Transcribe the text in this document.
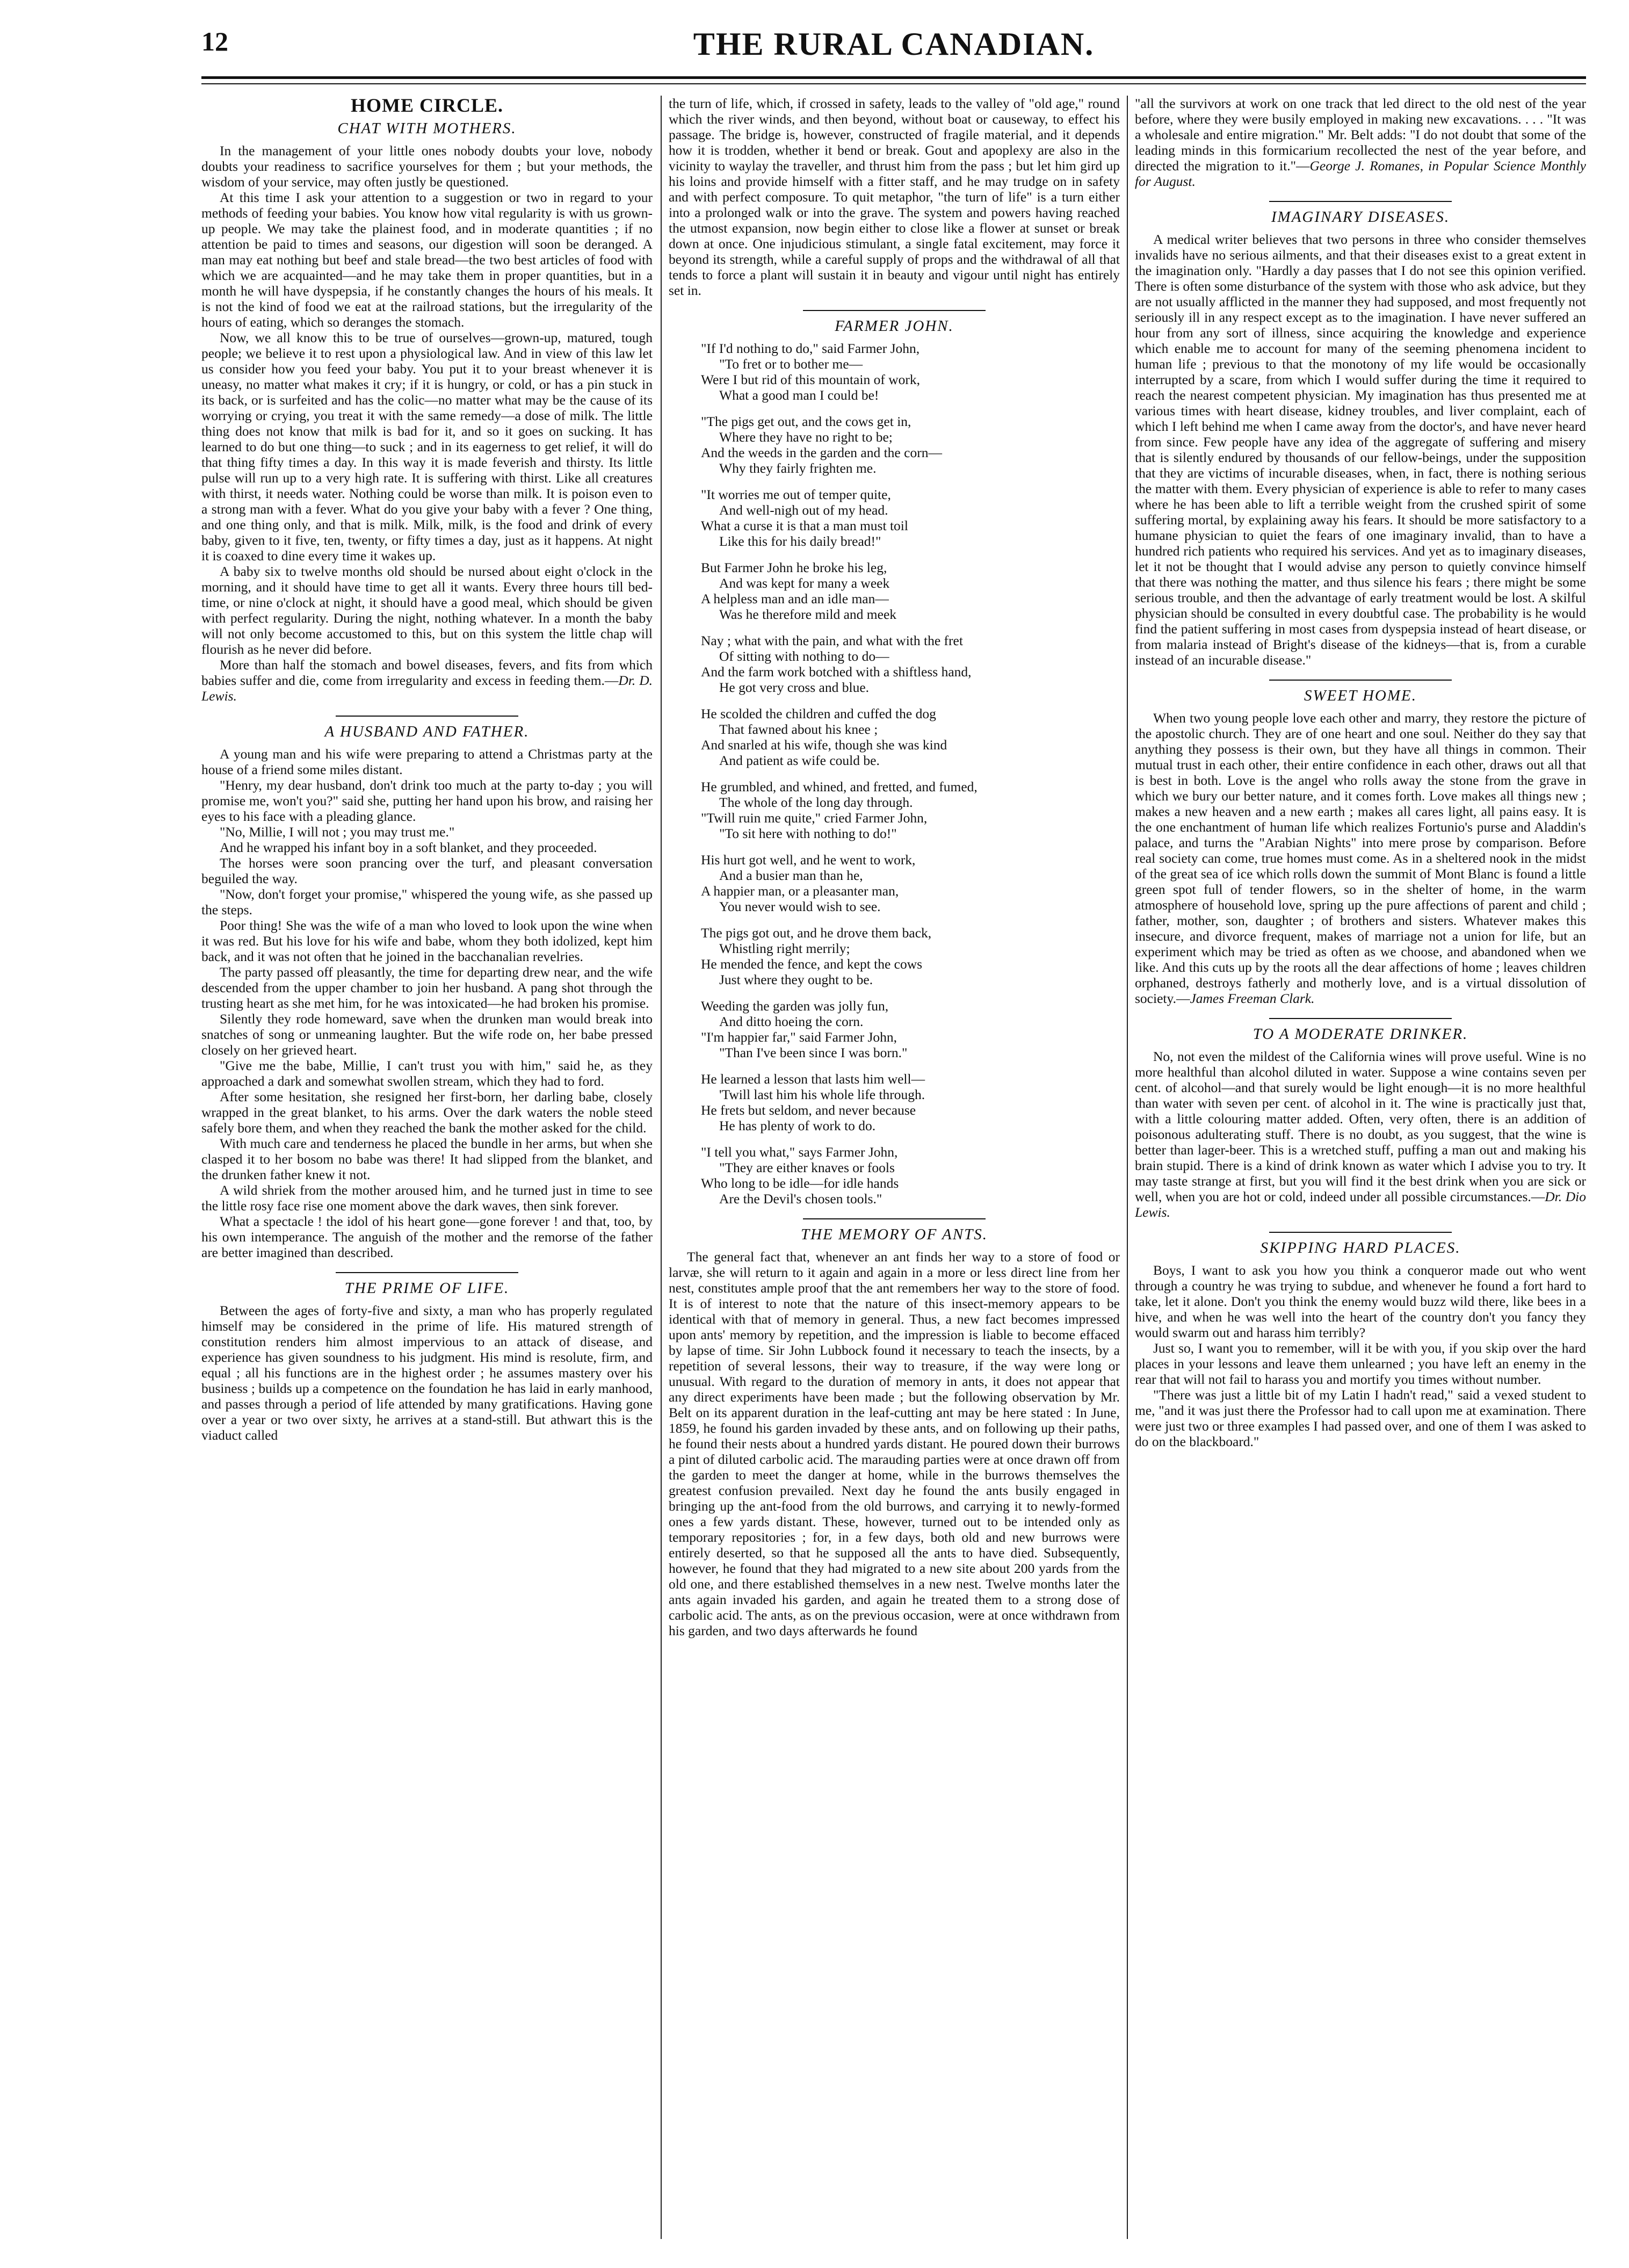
12	THE RURAL CANADIAN.
HOME CIRCLE.
CHAT WITH MOTHERS.

In the management of your little ones nobody doubts your love, nobody doubts your readiness to sacrifice yourselves for them ; but your methods, the wisdom of your service, may often justly be questioned.

At this time I ask your attention to a suggestion or two in regard to your methods of feeding your babies. You know how vital regularity is with us grown-up people. We may take the plainest food, and in moderate quantities ; if no attention be paid to times and seasons, our digestion will soon be deranged. A man may eat nothing but beef and stale bread—the two best articles of food with which we are acquainted—and he may take them in proper quantities, but in a month he will have dyspepsia, if he constantly changes the hours of his meals. It is not the kind of food we eat at the railroad stations, but the irregularity of the hours of eating, which so deranges the stomach.

Now, we all know this to be true of ourselves—grown-up, matured, tough people; we believe it to rest upon a physiological law. And in view of this law let us consider how you feed your baby. You put it to your breast whenever it is uneasy, no matter what makes it cry; if it is hungry, or cold, or has a pin stuck in its back, or is surfeited and has the colic—no matter what may be the cause of its worrying or crying, you treat it with the same remedy—a dose of milk. The little thing does not know that milk is bad for it, and so it goes on sucking. It has learned to do but one thing—to suck ; and in its eagerness to get relief, it will do that thing fifty times a day. In this way it is made feverish and thirsty. Its little pulse will run up to a very high rate. It is suffering with thirst. Like all creatures with thirst, it needs water. Nothing could be worse than milk. It is poison even to a strong man with a fever. What do you give your baby with a fever ? One thing, and one thing only, and that is milk. Milk, milk, is the food and drink of every baby, given to it five, ten, twenty, or fifty times a day, just as it happens. At night it is coaxed to dine every time it wakes up.

A baby six to twelve months old should be nursed about eight o'clock in the morning, and it should have time to get all it wants. Every three hours till bed-time, or nine o'clock at night, it should have a good meal, which should be given with perfect regularity. During the night, nothing whatever. In a month the baby will not only become accustomed to this, but on this system the little chap will flourish as he never did before.

More than half the stomach and bowel diseases, fevers, and fits from which babies suffer and die, come from irregularity and excess in feeding them.—Dr. D. Lewis.

A HUSBAND AND FATHER.

A young man and his wife were preparing to attend a Christmas party at the house of a friend some miles distant.

"Henry, my dear husband, don't drink too much at the party to-day ; you will promise me, won't you?" said she, putting her hand upon his brow, and raising her eyes to his face with a pleading glance.

"No, Millie, I will not ; you may trust me."

And he wrapped his infant boy in a soft blanket, and they proceeded.

The horses were soon prancing over the turf, and pleasant conversation beguiled the way.

"Now, don't forget your promise," whispered the young wife, as she passed up the steps.

Poor thing! She was the wife of a man who loved to look upon the wine when it was red. But his love for his wife and babe, whom they both idolized, kept him back, and it was not often that he joined in the bacchanalian revelries.

The party passed off pleasantly, the time for departing drew near, and the wife descended from the upper chamber to join her husband. A pang shot through the trusting heart as she met him, for he was intoxicated—he had broken his promise.

Silently they rode homeward, save when the drunken man would break into snatches of song or unmeaning laughter. But the wife rode on, her babe pressed closely on her grieved heart.

"Give me the babe, Millie, I can't trust you with him," said he, as they approached a dark and somewhat swollen stream, which they had to ford.

After some hesitation, she resigned her first-born, her darling babe, closely wrapped in the great blanket, to his arms. Over the dark waters the noble steed safely bore them, and when they reached the bank the mother asked for the child.

With much care and tenderness he placed the bundle in her arms, but when she clasped it to her bosom no babe was there! It had slipped from the blanket, and the drunken father knew it not.

A wild shriek from the mother aroused him, and he turned just in time to see the little rosy face rise one moment above the dark waves, then sink forever.

What a spectacle ! the idol of his heart gone—gone forever ! and that, too, by his own intemperance. The anguish of the mother and the remorse of the father are better imagined than described.

THE PRIME OF LIFE.

Between the ages of forty-five and sixty, a man who has properly regulated himself may be considered in the prime of life. His matured strength of constitution renders him almost impervious to an attack of disease, and experience has given soundness to his judgment. His mind is resolute, firm, and equal ; all his functions are in the highest order ; he assumes mastery over his business ; builds up a competence on the foundation he has laid in early manhood, and passes through a period of life attended by many gratifications. Having gone over a year or two over sixty, he arrives at a stand-still. But athwart this is the viaduct called

the turn of life, which, if crossed in safety, leads to the valley of "old age," round which the river winds, and then beyond, without boat or causeway, to effect his passage. The bridge is, however, constructed of fragile material, and it depends how it is trodden, whether it bend or break. Gout and apoplexy are also in the vicinity to waylay the traveller, and thrust him from the pass ; but let him gird up his loins and provide himself with a fitter staff, and he may trudge on in safety and with perfect composure. To quit metaphor, "the turn of life" is a turn either into a prolonged walk or into the grave. The system and powers having reached the utmost expansion, now begin either to close like a flower at sunset or break down at once. One injudicious stimulant, a single fatal excitement, may force it beyond its strength, while a careful supply of props and the withdrawal of all that tends to force a plant will sustain it in beauty and vigour until night has entirely set in.

FARMER JOHN.
"If I'd nothing to do," said Farmer John,
"To fret or to bother me—
Were I but rid of this mountain of work,
What a good man I could be!
"The pigs get out, and the cows get in,
Where they have no right to be;
And the weeds in the garden and the corn—
Why they fairly frighten me.
"It worries me out of temper quite,
And well-nigh out of my head.
What a curse it is that a man must toil
Like this for his daily bread!"
But Farmer John he broke his leg,
And was kept for many a week
A helpless man and an idle man—
Was he therefore mild and meek
Nay ; what with the pain, and what with the fret
Of sitting with nothing to do—
And the farm work botched with a shiftless hand,
He got very cross and blue.
He scolded the children and cuffed the dog
That fawned about his knee ;
And snarled at his wife, though she was kind
And patient as wife could be.
He grumbled, and whined, and fretted, and fumed,
The whole of the long day through.
"Twill ruin me quite," cried Farmer John,
"To sit here with nothing to do!"
His hurt got well, and he went to work,
And a busier man than he,
A happier man, or a pleasanter man,
You never would wish to see.
The pigs got out, and he drove them back,
Whistling right merrily;
He mended the fence, and kept the cows
Just where they ought to be.
Weeding the garden was jolly fun,
And ditto hoeing the corn.
"I'm happier far," said Farmer John,
"Than I've been since I was born."
He learned a lesson that lasts him well—
'Twill last him his whole life through.
He frets but seldom, and never because
He has plenty of work to do.
"I tell you what," says Farmer John,
"They are either knaves or fools
Who long to be idle—for idle hands
Are the Devil's chosen tools."
THE MEMORY OF ANTS.

The general fact that, whenever an ant finds her way to a store of food or larvæ, she will return to it again and again in a more or less direct line from her nest, constitutes ample proof that the ant remembers her way to the store of food. It is of interest to note that the nature of this insect-memory appears to be identical with that of memory in general. Thus, a new fact becomes impressed upon ants' memory by repetition, and the impression is liable to become effaced by lapse of time. Sir John Lubbock found it necessary to teach the insects, by a repetition of several lessons, their way to treasure, if the way were long or unusual. With regard to the duration of memory in ants, it does not appear that any direct experiments have been made ; but the following observation by Mr. Belt on its apparent duration in the leaf-cutting ant may be here stated : In June, 1859, he found his garden invaded by these ants, and on following up their paths, he found their nests about a hundred yards distant. He poured down their burrows a pint of diluted carbolic acid. The marauding parties were at once drawn off from the garden to meet the danger at home, while in the burrows themselves the greatest confusion prevailed. Next day he found the ants busily engaged in bringing up the ant-food from the old burrows, and carrying it to newly-formed ones a few yards distant. These, however, turned out to be intended only as temporary repositories ; for, in a few days, both old and new burrows were entirely deserted, so that he supposed all the ants to have died. Subsequently, however, he found that they had migrated to a new site about 200 yards from the old one, and there established themselves in a new nest. Twelve months later the ants again invaded his garden, and again he treated them to a strong dose of carbolic acid. The ants, as on the previous occasion, were at once withdrawn from his garden, and two days afterwards he found

"all the survivors at work on one track that led direct to the old nest of the year before, where they were busily employed in making new excavations. . . . "It was a wholesale and entire migration." Mr. Belt adds: "I do not doubt that some of the leading minds in this formicarium recollected the nest of the year before, and directed the migration to it."—George J. Romanes, in Popular Science Monthly for August.

IMAGINARY DISEASES.

A medical writer believes that two persons in three who consider themselves invalids have no serious ailments, and that their diseases exist to a great extent in the imagination only. "Hardly a day passes that I do not see this opinion verified. There is often some disturbance of the system with those who ask advice, but they are not usually afflicted in the manner they had supposed, and most frequently not seriously ill in any respect except as to the imagination. I have never suffered an hour from any sort of illness, since acquiring the knowledge and experience which enable me to account for many of the seeming phenomena incident to human life ; previous to that the monotony of my life would be occasionally interrupted by a scare, from which I would suffer during the time it required to reach the nearest competent physician. My imagination has thus presented me at various times with heart disease, kidney troubles, and liver complaint, each of which I left behind me when I came away from the doctor's, and have never heard from since. Few people have any idea of the aggregate of suffering and misery that is silently endured by thousands of our fellow-beings, under the supposition that they are victims of incurable diseases, when, in fact, there is nothing serious the matter with them. Every physician of experience is able to refer to many cases where he has been able to lift a terrible weight from the crushed spirit of some suffering mortal, by explaining away his fears. It should be more satisfactory to a humane physician to quiet the fears of one imaginary invalid, than to have a hundred rich patients who required his services. And yet as to imaginary diseases, let it not be thought that I would advise any person to quietly convince himself that there was nothing the matter, and thus silence his fears ; there might be some serious trouble, and then the advantage of early treatment would be lost. A skilful physician should be consulted in every doubtful case. The probability is he would find the patient suffering in most cases from dyspepsia instead of heart disease, or from malaria instead of Bright's disease of the kidneys—that is, from a curable instead of an incurable disease."

SWEET HOME.

When two young people love each other and marry, they restore the picture of the apostolic church. They are of one heart and one soul. Neither do they say that anything they possess is their own, but they have all things in common. Their mutual trust in each other, their entire confidence in each other, draws out all that is best in both. Love is the angel who rolls away the stone from the grave in which we bury our better nature, and it comes forth. Love makes all things new ; makes a new heaven and a new earth ; makes all cares light, all pains easy. It is the one enchantment of human life which realizes Fortunio's purse and Aladdin's palace, and turns the "Arabian Nights" into mere prose by comparison. Before real society can come, true homes must come. As in a sheltered nook in the midst of the great sea of ice which rolls down the summit of Mont Blanc is found a little green spot full of tender flowers, so in the shelter of home, in the warm atmosphere of household love, spring up the pure affections of parent and child ; father, mother, son, daughter ; of brothers and sisters. Whatever makes this insecure, and divorce frequent, makes of marriage not a union for life, but an experiment which may be tried as often as we choose, and abandoned when we like. And this cuts up by the roots all the dear affections of home ; leaves children orphaned, destroys fatherly and motherly love, and is a virtual dissolution of society.—James Freeman Clark.

TO A MODERATE DRINKER.

No, not even the mildest of the California wines will prove useful. Wine is no more healthful than alcohol diluted in water. Suppose a wine contains seven per cent. of alcohol—and that surely would be light enough—it is no more healthful than water with seven per cent. of alcohol in it. The wine is practically just that, with a little colouring matter added. Often, very often, there is an addition of poisonous adulterating stuff. There is no doubt, as you suggest, that the wine is better than lager-beer. This is a wretched stuff, puffing a man out and making his brain stupid. There is a kind of drink known as water which I advise you to try. It may taste strange at first, but you will find it the best drink when you are sick or well, when you are hot or cold, indeed under all possible circumstances.—Dr. Dio Lewis.

SKIPPING HARD PLACES.

Boys, I want to ask you how you think a conqueror made out who went through a country he was trying to subdue, and whenever he found a fort hard to take, let it alone. Don't you think the enemy would buzz wild there, like bees in a hive, and when he was well into the heart of the country don't you fancy they would swarm out and harass him terribly?

Just so, I want you to remember, will it be with you, if you skip over the hard places in your lessons and leave them unlearned ; you have left an enemy in the rear that will not fail to harass you and mortify you times without number.

"There was just a little bit of my Latin I hadn't read," said a vexed student to me, "and it was just there the Professor had to call upon me at examination. There were just two or three examples I had passed over, and one of them I was asked to do on the blackboard."
